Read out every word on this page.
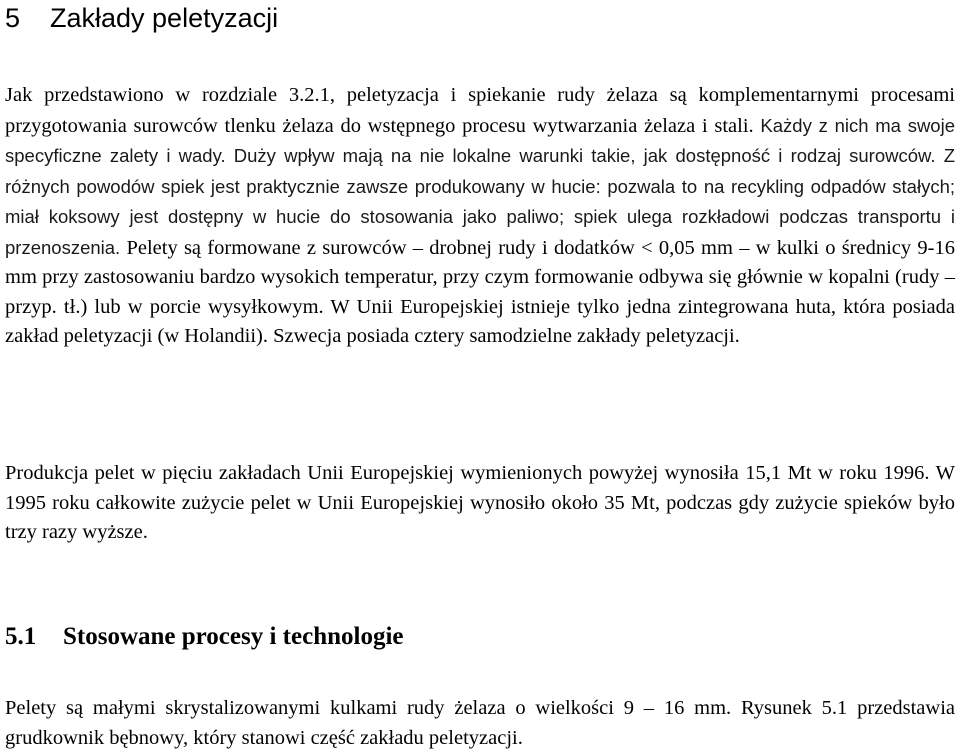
5 Zakłady peletyzacji
Jak przedstawiono w rozdziale 3.2.1, peletyzacja i spiekanie rudy żelaza są komplementarnymi procesami przygotowania surowców tlenku żelaza do wstępnego procesu wytwarzania żelaza i stali. Każdy z nich ma swoje specyficzne zalety i wady. Duży wpływ mają na nie lokalne warunki takie, jak dostępność i rodzaj surowców. Z różnych powodów spiek jest praktycznie zawsze produkowany w hucie: pozwala to na recykling odpadów stałych; miał koksowy jest dostępny w hucie do stosowania jako paliwo; spiek ulega rozkładowi podczas transportu i przenoszenia. Pelety są formowane z surowców – drobnej rudy i dodatków < 0,05 mm – w kulki o średnicy 9-16 mm przy zastosowaniu bardzo wysokich temperatur, przy czym formowanie odbywa się głównie w kopalni (rudy – przyp. tł.) lub w porcie wysyłkowym. W Unii Europejskiej istnieje tylko jedna zintegrowana huta, która posiada zakład peletyzacji (w Holandii). Szwecja posiada cztery samodzielne zakłady peletyzacji.
Produkcja pelet w pięciu zakładach Unii Europejskiej wymienionych powyżej wynosiła 15,1 Mt w roku 1996. W 1995 roku całkowite zużycie pelet w Unii Europejskiej wynosiło około 35 Mt, podczas gdy zużycie spieków było trzy razy wyższe.
5.1 Stosowane procesy i technologie
Pelety są małymi skrystalizowanymi kulkami rudy żelaza o wielkości 9 – 16 mm. Rysunek 5.1 przedstawia grudkownik bębnowy, który stanowi część zakładu peletyzacji.
